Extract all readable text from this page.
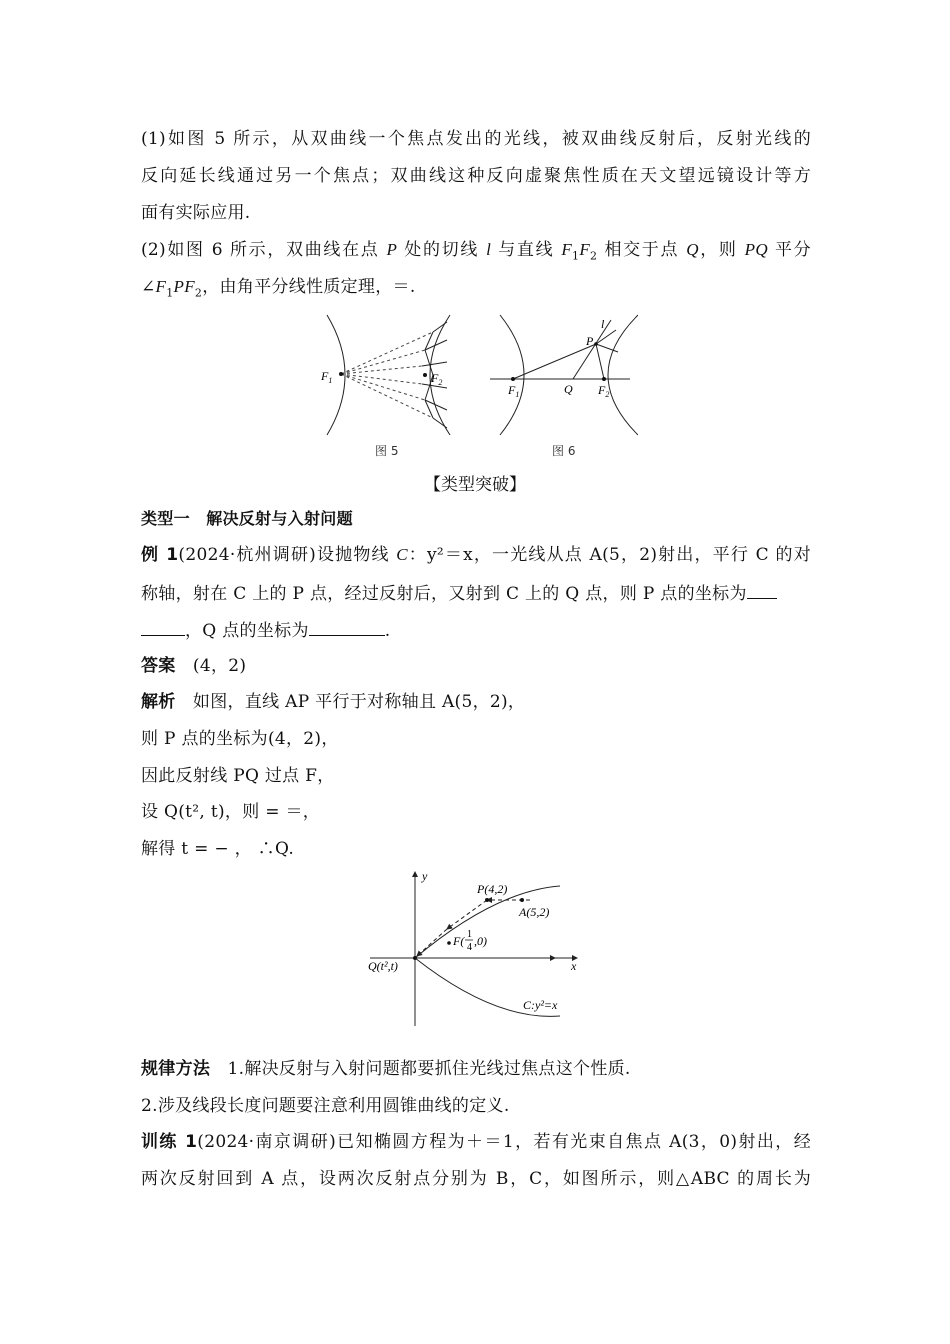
(1)如图 5 所示，从双曲线一个焦点发出的光线，被双曲线反射后，反射光线的
反向延长线通过另一个焦点；双曲线这种反向虚聚焦性质在天文望远镜设计等方
面有实际应用.
(2)如图 6 所示，双曲线在点 P 处的切线 l 与直线 $F_1F_2$ 相交于点 Q，则 PQ 平分
$\angle F_1PF_2$，由角平分线性质定理，＝.
$F_1$	$F_2$
图 5
P
l
Q
$F_1$	$F_2$
图 6
【类型突破】
类型一　解决反射与入射问题
例 1(2024·杭州调研)设抛物线 C：y²＝x，一光线从点 A(5，2)射出，平行 C 的对
称轴，射在 C 上的 P 点，经过反射后，又射到 C 上的 Q 点，则 P 点的坐标为
，Q 点的坐标为	.
答案　 (4，2)
解析　 如图，直线 AP 平行于对称轴且 A(5，2)，
则 P 点的坐标为(4，2)，
因此反射线 PQ 过点 F，
设 Q(t², t)，则 = ＝，
解得 t = − ， ∴Q.
y
x
P(4,2)
A(5,2)
F( 1
4 ,0)
Q(t²,t)
C:y²=x
规律方法　 1.解决反射与入射问题都要抓住光线过焦点这个性质.
2.涉及线段长度问题要注意利用圆锥曲线的定义.
训练 1(2024·南京调研)已知椭圆方程为＋＝1，若有光束自焦点 A(3，0)射出，经
两次反射回到 A 点，设两次反射点分别为 B，C，如图所示，则△ABC 的周长为
